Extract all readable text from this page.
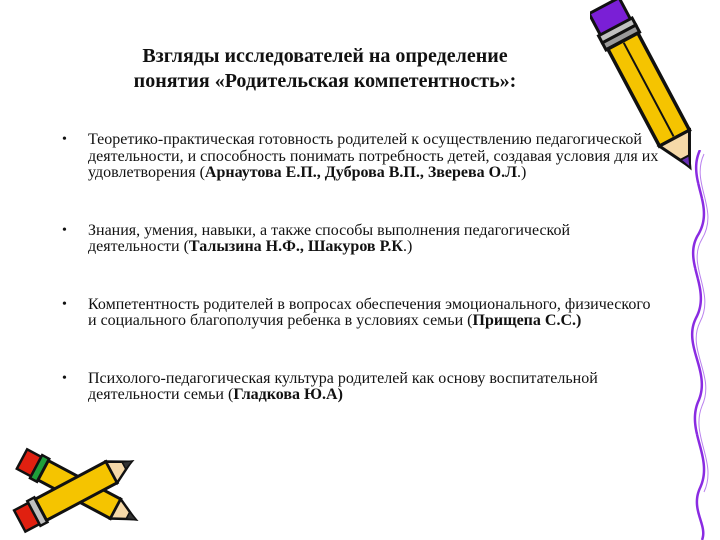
Взгляды исследователей на определение
понятия «Родительская компетентность»:
• Теоретико-практическая готовность родителей к осуществлению педагогической деятельности, и способность понимать потребность детей, создавая условия для их удовлетворения (Арнаутова Е.П., Дуброва В.П., Зверева О.Л.)
• Знания, умения, навыки, а также способы выполнения педагогической деятельности (Талызина Н.Ф., Шакуров Р.К.)
• Компетентность родителей в вопросах обеспечения эмоционального, физического и социального благополучия ребенка в условиях семьи (Прищепа С.С.)
• Психолого-педагогическая культура родителей как основу воспитательной деятельности семьи (Гладкова Ю.А)
